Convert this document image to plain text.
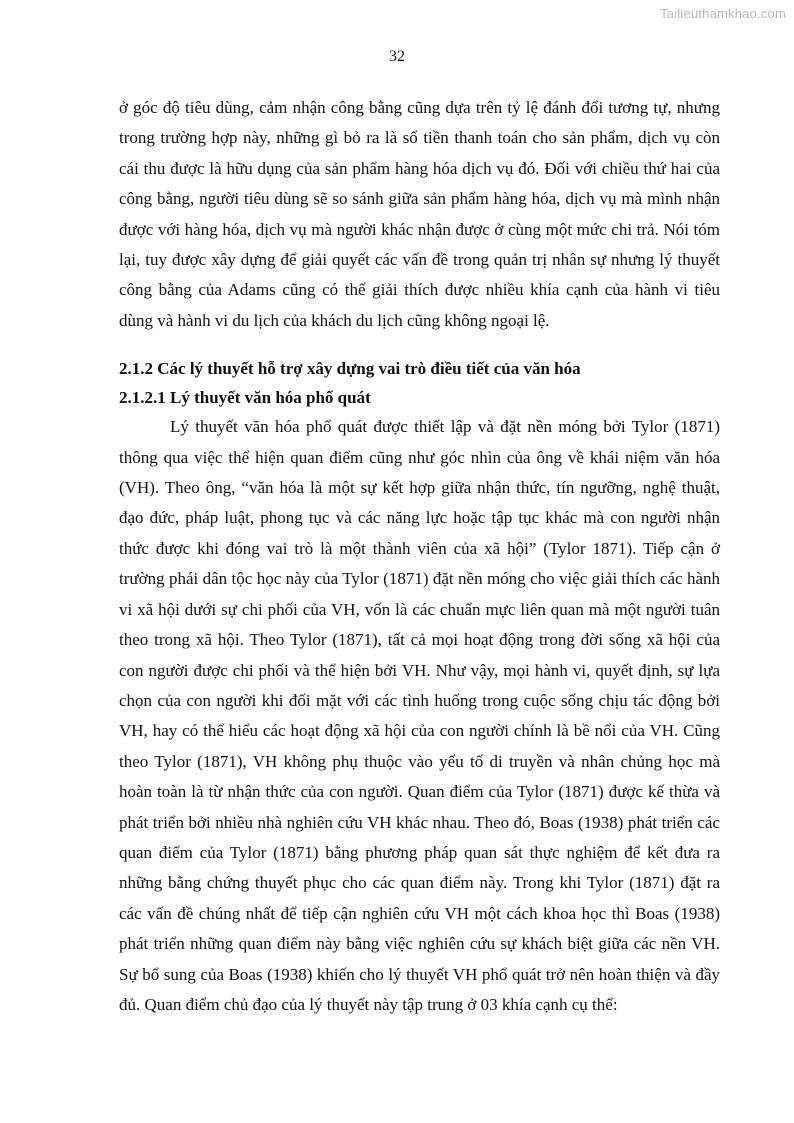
Tailieuthamkhao.com
32

ở góc độ tiêu dùng, cảm nhận công bằng cũng dựa trên tỷ lệ đánh đổi tương tự, nhưng trong trường hợp này, những gì bỏ ra là số tiền thanh toán cho sản phẩm, dịch vụ còn cái thu được là hữu dụng của sản phẩm hàng hóa dịch vụ đó. Đối với chiều thứ hai của công bằng, người tiêu dùng sẽ so sánh giữa sản phẩm hàng hóa, dịch vụ mà mình nhận được với hàng hóa, dịch vụ mà người khác nhận được ở cùng một mức chi trả. Nói tóm lại, tuy được xây dựng để giải quyết các vấn đề trong quản trị nhân sự nhưng lý thuyết công bằng của Adams cũng có thể giải thích được nhiều khía cạnh của hành vi tiêu dùng và hành vi du lịch của khách du lịch cũng không ngoại lệ.

2.1.2 Các lý thuyết hỗ trợ xây dựng vai trò điều tiết của văn hóa
2.1.2.1 Lý thuyết văn hóa phổ quát

Lý thuyết văn hóa phổ quát được thiết lập và đặt nền móng bởi Tylor (1871) thông qua việc thể hiện quan điểm cũng như góc nhìn của ông về khái niệm văn hóa (VH). Theo ông, “văn hóa là một sự kết hợp giữa nhận thức, tín ngưỡng, nghệ thuật, đạo đức, pháp luật, phong tục và các năng lực hoặc tập tục khác mà con người nhận thức được khi đóng vai trò là một thành viên của xã hội” (Tylor 1871). Tiếp cận ở trường phái dân tộc học này của Tylor (1871) đặt nền móng cho việc giải thích các hành vi xã hội dưới sự chi phối của VH, vốn là các chuẩn mực liên quan mà một người tuân theo trong xã hội. Theo Tylor (1871), tất cả mọi hoạt động trong đời sống xã hội của con người được chi phối và thể hiện bởi VH. Như vậy, mọi hành vi, quyết định, sự lựa chọn của con người khi đối mặt với các tình huống trong cuộc sống chịu tác động bởi VH, hay có thể hiểu các hoạt động xã hội của con người chính là bề nổi của VH. Cũng theo Tylor (1871), VH không phụ thuộc vào yếu tố di truyền và nhân chủng học mà hoàn toàn là từ nhận thức của con người. Quan điểm của Tylor (1871) được kế thừa và phát triển bởi nhiều nhà nghiên cứu VH khác nhau. Theo đó, Boas (1938) phát triển các quan điểm của Tylor (1871) bằng phương pháp quan sát thực nghiệm để kết đưa ra những bằng chứng thuyết phục cho các quan điểm này. Trong khi Tylor (1871) đặt ra các vấn đề chúng nhất để tiếp cận nghiên cứu VH một cách khoa học thì Boas (1938) phát triển những quan điểm này bằng việc nghiên cứu sự khách biệt giữa các nền VH. Sự bổ sung của Boas (1938) khiến cho lý thuyết VH phổ quát trở nên hoàn thiện và đầy đủ. Quan điểm chủ đạo của lý thuyết này tập trung ở 03 khía cạnh cụ thể:
